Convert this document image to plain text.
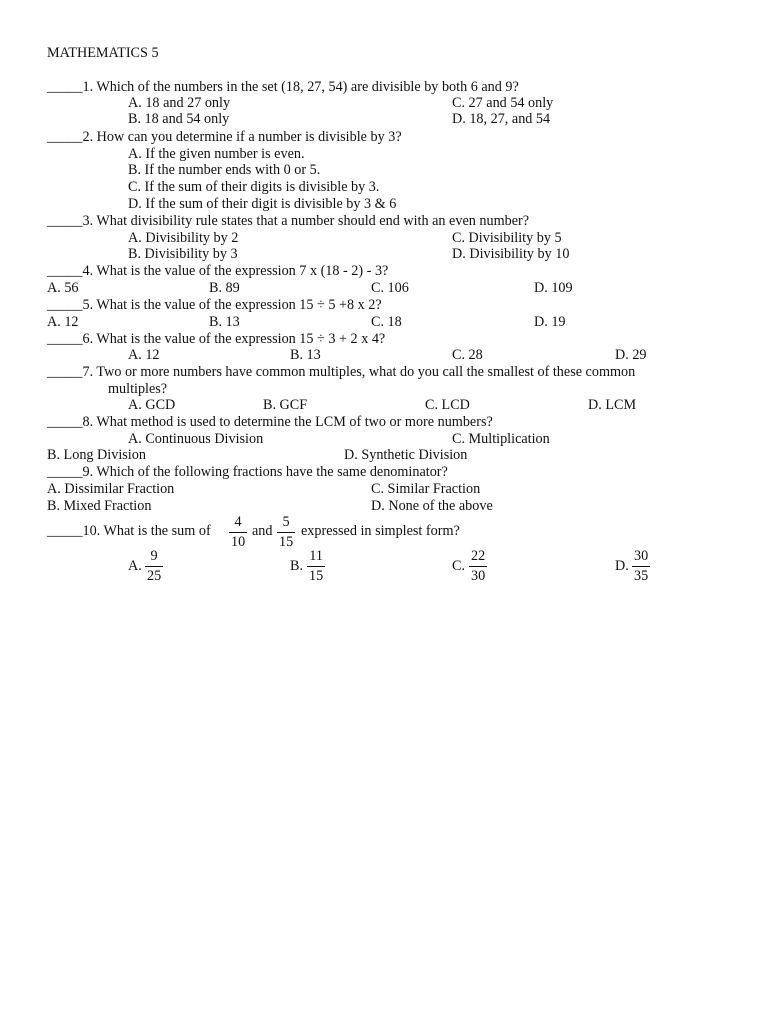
MATHEMATICS 5
_____1. Which of the numbers in the set (18, 27, 54) are divisible by both 6 and 9?
A. 18 and 27 only	C. 27 and 54 only
B. 18 and 54 only	D. 18, 27, and 54
_____2. How can you determine if a number is divisible by 3?
A. If the given number is even.
B. If the number ends with 0 or 5.
C. If the sum of their digits is divisible by 3.
D. If the sum of their digit is divisible by 3 & 6
_____3. What divisibility rule states that a number should end with an even number?
A. Divisibility by 2	C. Divisibility by 5
B. Divisibility by 3	D. Divisibility by 10
_____4. What is the value of the expression 7 x (18 - 2) - 3?
A. 56	B. 89	C. 106	D. 109
_____5. What is the value of the expression 15 ÷ 5 +8 x 2?
A. 12	B. 13	C. 18	D. 19
_____6. What is the value of the expression 15 ÷ 3 + 2 x 4?
A. 12	B. 13	C. 28	D. 29
_____7. Two or more numbers have common multiples, what do you call the smallest of these common
multiples?
A. GCD	B. GCF	C. LCD	D. LCM
_____8. What method is used to determine the LCM of two or more numbers?
A. Continuous Division	C. Multiplication
B. Long Division	D. Synthetic Division
_____9. Which of the following fractions have the same denominator?
A. Dissimilar Fraction	C. Similar Fraction
B. Mixed Fraction	D. None of the above
_____10. What is the sum of $\frac{4}{10}$ and $\frac{5}{15}$ expressed in simplest form?
A. $\frac{9}{25}$	B. $\frac{11}{15}$	C. $\frac{22}{30}$	D. $\frac{30}{35}$
